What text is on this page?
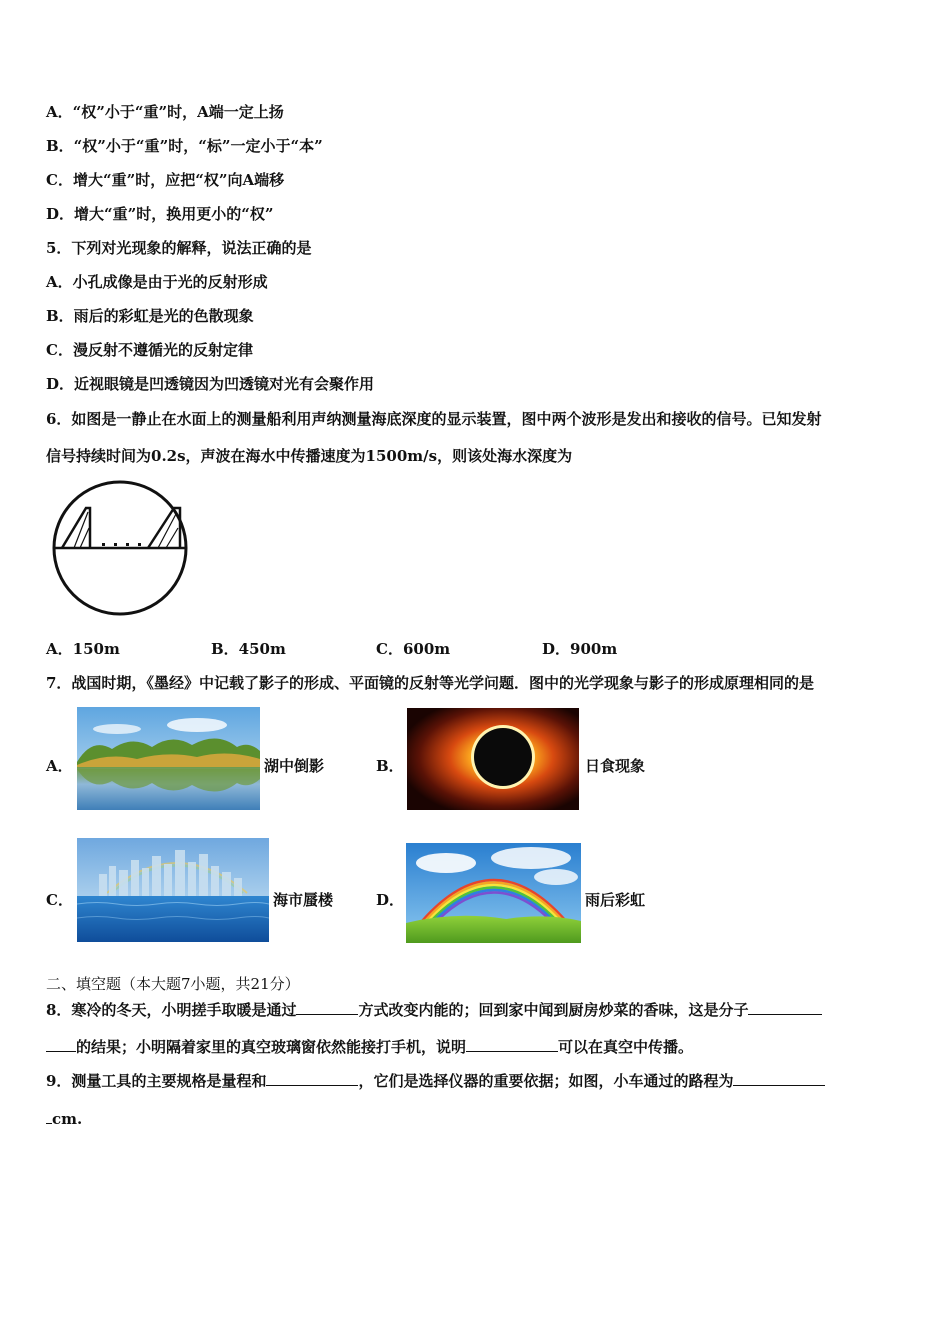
A．“权”小于“重”时，A端一定上扬
B．“权”小于“重”时，“标”一定小于“本”
C．增大“重”时，应把“权”向A端移
D．增大“重”时，换用更小的“权”
5．下列对光现象的解释，说法正确的是
A．小孔成像是由于光的反射形成
B．雨后的彩虹是光的色散现象
C．漫反射不遵循光的反射定律
D．近视眼镜是凹透镜因为凹透镜对光有会聚作用
6．如图是一静止在水面上的测量船利用声纳测量海底深度的显示装置，图中两个波形是发出和接收的信号。已知发射
信号持续时间为0.2s，声波在海水中传播速度为1500m/s，则该处海水深度为
A．150m	B．450m	C．600m	D．900m
7．战国时期，《墨经》中记载了影子的形成、平面镜的反射等光学问题．图中的光学现象与影子的形成原理相同的是
A．	湖中倒影	B．	日食现象
C．	海市蜃楼	D．	雨后彩虹
二、填空题（本大题7小题，共21分）
8．寒冷的冬天，小明搓手取暖是通过	方式改变内能的；回到家中闻到厨房炒菜的香味，这是分子
的结果；小明隔着家里的真空玻璃窗依然能接打手机，说明	可以在真空中传播。
9．测量工具的主要规格是量程和	，它们是选择仪器的重要依据；如图，小车通过的路程为
cm.
